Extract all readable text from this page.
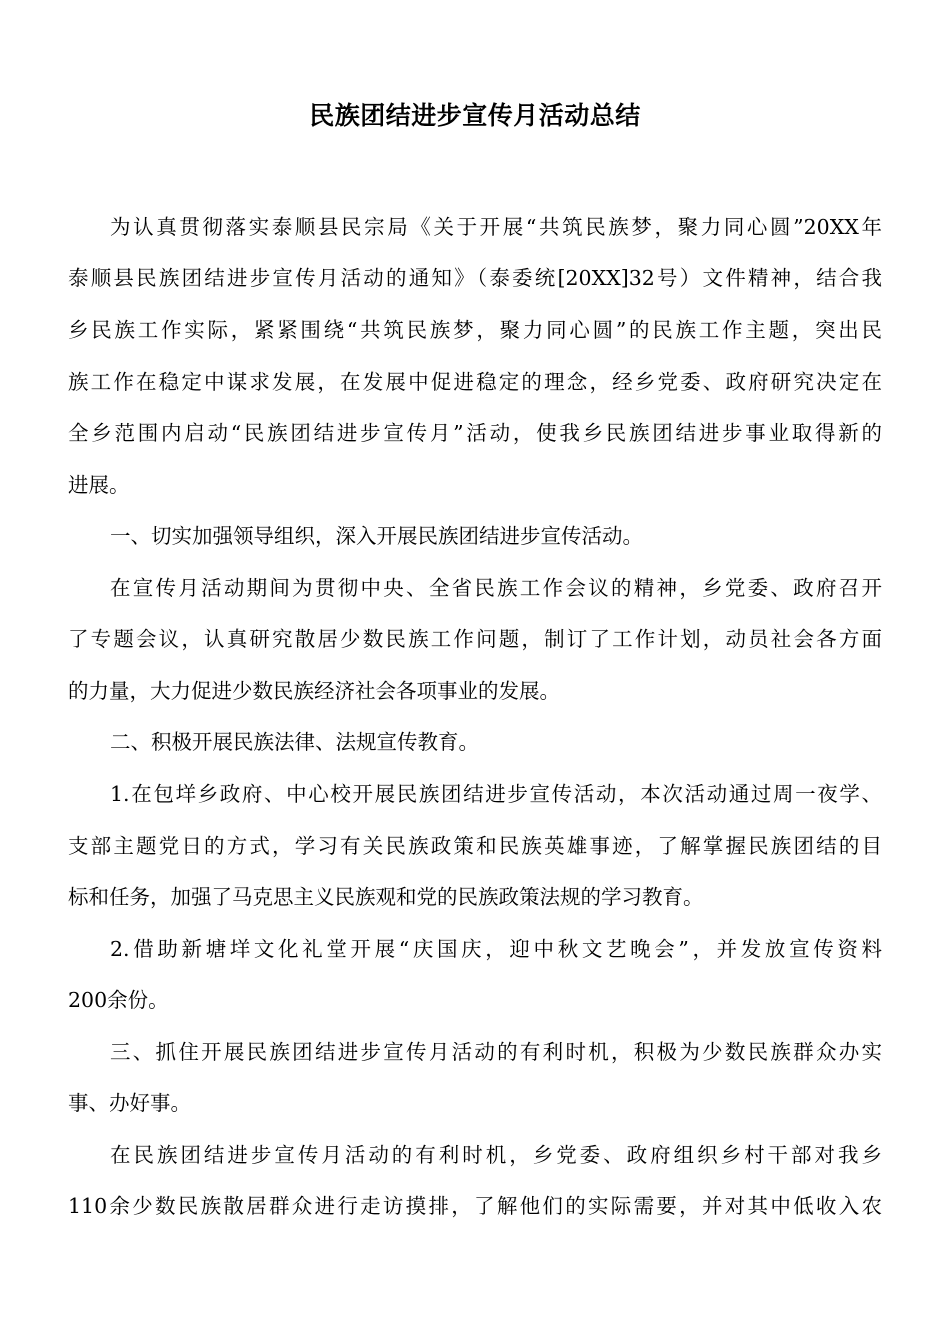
民族团结进步宣传月活动总结
为认真贯彻落实泰顺县民宗局《关于开展“共筑民族梦，聚力同心圆”20XX年
泰顺县民族团结进步宣传月活动的通知》（泰委统[20XX]32号）文件精神，结合我
乡民族工作实际，紧紧围绕“共筑民族梦，聚力同心圆”的民族工作主题，突出民
族工作在稳定中谋求发展，在发展中促进稳定的理念，经乡党委、政府研究决定在
全乡范围内启动“民族团结进步宣传月”活动，使我乡民族团结进步事业取得新的
进展。
一、切实加强领导组织，深入开展民族团结进步宣传活动。
在宣传月活动期间为贯彻中央、全省民族工作会议的精神，乡党委、政府召开
了专题会议，认真研究散居少数民族工作问题，制订了工作计划，动员社会各方面
的力量，大力促进少数民族经济社会各项事业的发展。
二、积极开展民族法律、法规宣传教育。
1.在包垟乡政府、中心校开展民族团结进步宣传活动，本次活动通过周一夜学、
支部主题党日的方式，学习有关民族政策和民族英雄事迹，了解掌握民族团结的目
标和任务，加强了马克思主义民族观和党的民族政策法规的学习教育。
2.借助新塘垟文化礼堂开展“庆国庆，迎中秋文艺晚会”，并发放宣传资料
200余份。
三、抓住开展民族团结进步宣传月活动的有利时机，积极为少数民族群众办实
事、办好事。
在民族团结进步宣传月活动的有利时机，乡党委、政府组织乡村干部对我乡
110余少数民族散居群众进行走访摸排，了解他们的实际需要，并对其中低收入农
